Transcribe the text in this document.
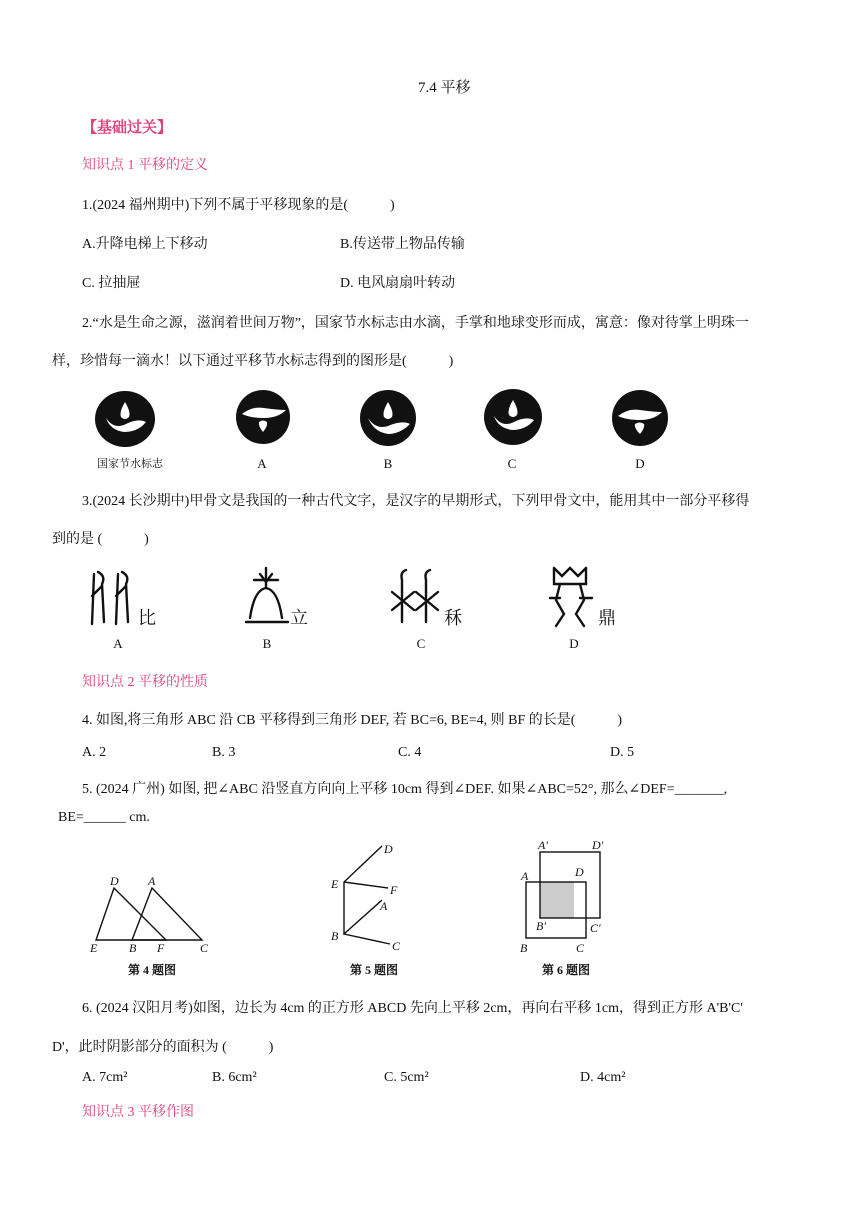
7.4 平移
【基础过关】
知识点 1 平移的定义
1.(2024 福州期中)下列不属于平移现象的是(　　　)
A.升降电梯上下移动	B.传送带上物品传输
C. 拉抽屉	D. 电风扇扇叶转动
2.“水是生命之源，滋润着世间万物”，国家节水标志由水滴，手掌和地球变形而成，寓意：像对待掌上明珠一
样，珍惜每一滴水！以下通过平移节水标志得到的图形是(　　　)
国家节水标志	A	B	C	D
3.(2024 长沙期中)甲骨文是我国的一种古代文字，是汉字的早期形式，下列甲骨文中，能用其中一部分平移得
到的是 (　　　)
比	立	秝	鼎
A	B	C	D
知识点 2 平移的性质
4. 如图,将三角形 ABC 沿 CB 平移得到三角形 DEF, 若 BC=6, BE=4, 则 BF 的长是(　　　)
A. 2	B. 3	C. 4	D. 5
5. (2024 广州) 如图, 把∠ABC 沿竖直方向向上平移 10cm 得到∠DEF. 如果∠ABC=52°, 那么∠DEF=_______,
BE=______ cm.
D A
E	B F	C
第 4 题图
D
E	F
A
B
C
第 5 题图
A'	D'
A	D
B'	C'
B	C
第 6 题图
6. (2024 汉阳月考)如图，边长为 4cm 的正方形 ABCD 先向上平移 2cm，再向右平移 1cm，得到正方形 A'B'C'
D'，此时阴影部分的面积为 (　　　)
A. 7cm²	B. 6cm²	C. 5cm²	D. 4cm²
知识点 3 平移作图
